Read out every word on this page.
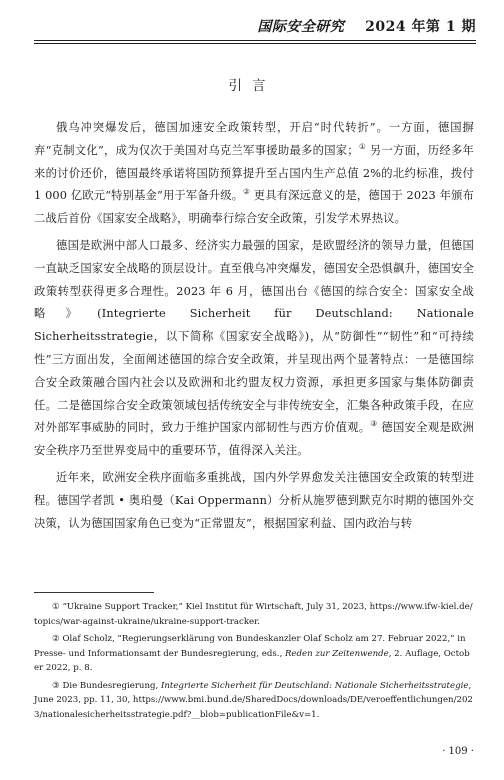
国际安全研究 2024 年第 1 期
引言

俄乌冲突爆发后，德国加速安全政策转型，开启“时代转折”。一方面，德国摒弃“克制文化”，成为仅次于美国对乌克兰军事援助最多的国家；① 另一方面，历经多年来的讨价还价，德国最终承诺将国防预算提升至占国内生产总值 2%的北约标准，拨付 1 000 亿欧元“特别基金”用于军备升级。② 更具有深远意义的是，德国于 2023 年颁布二战后首份《国家安全战略》，明确奉行综合安全政策，引发学术界热议。

德国是欧洲中部人口最多、经济实力最强的国家，是欧盟经济的领导力量，但德国一直缺乏国家安全战略的顶层设计。直至俄乌冲突爆发，德国安全恐惧飙升，德国安全政策转型获得更多合理性。2023 年 6 月，德国出台《德国的综合安全：国家安全战略》(Integrierte Sicherheit für Deutschland: Nationale Sicherheitsstrategie，以下简称《国家安全战略》)，从“防御性”“韧性”和“可持续性”三方面出发，全面阐述德国的综合安全政策，并呈现出两个显著特点：一是德国综合安全政策融合国内社会以及欧洲和北约盟友权力资源，承担更多国家与集体防御责任。二是德国综合安全政策领域包括传统安全与非传统安全，汇集各种政策手段，在应对外部军事威胁的同时，致力于维护国家内部韧性与西方价值观。③ 德国安全观是欧洲安全秩序乃至世界变局中的重要环节，值得深入关注。

近年来，欧洲安全秩序面临多重挑战，国内外学界愈发关注德国安全政策的转型进程。德国学者凯 • 奥珀曼（Kai Oppermann）分析从施罗德到默克尔时期的德国外交决策，认为德国国家角色已变为“正常盟友”，根据国家利益、国内政治与转

① “Ukraine Support Tracker,” Kiel Institut für Wirtschaft, July 31, 2023, https://www.ifw-kiel.de/topics/war-against-ukraine/ukraine-support-tracker.

② Olaf Scholz, “Regierungserklärung von Bundeskanzler Olaf Scholz am 27. Februar 2022,” in Presse- und Informationsamt der Bundesregierung, eds., Reden zur Zeitenwende, 2. Auflage, October 2022, p. 8.

③ Die Bundesregierung, Integrierte Sicherheit für Deutschland: Nationale Sicherheitsstrategie, June 2023, pp. 11, 30, https://www.bmi.bund.de/SharedDocs/downloads/DE/veroeffentlichungen/2023/nationalesicherheitsstrategie.pdf?__blob=publicationFile&v=1.

· 109 ·
